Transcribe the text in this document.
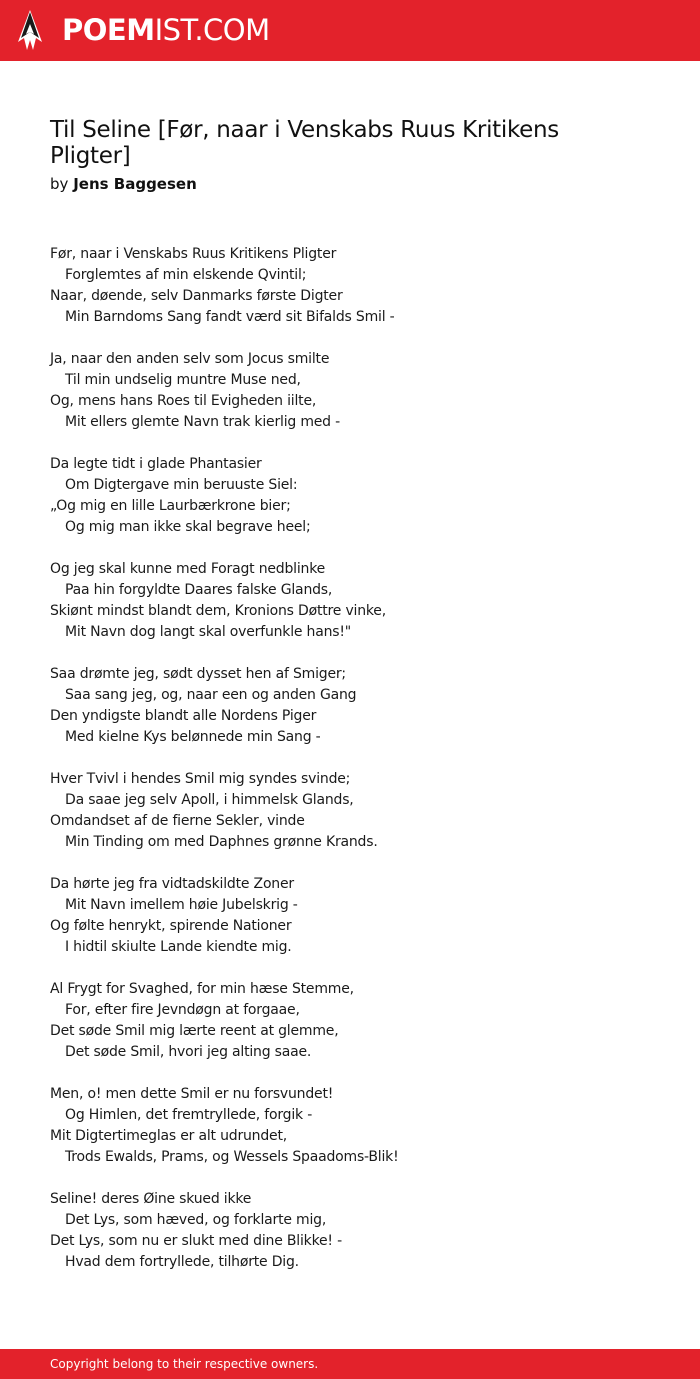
POEMIST.COM
Til Seline [Før, naar i Venskabs Ruus Kritikens Pligter]
by Jens Baggesen
Før, naar i Venskabs Ruus Kritikens Pligter
Forglemtes af min elskende Qvintil;
Naar, døende, selv Danmarks første Digter
Min Barndoms Sang fandt værd sit Bifalds Smil -
Ja, naar den anden selv som Jocus smilte
Til min undselig muntre Muse ned,
Og, mens hans Roes til Evigheden iilte,
Mit ellers glemte Navn trak kierlig med -
Da legte tidt i glade Phantasier
Om Digtergave min beruuste Siel:
„Og mig en lille Laurbærkrone bier;
Og mig man ikke skal begrave heel;
Og jeg skal kunne med Foragt nedblinke
Paa hin forgyldte Daares falske Glands,
Skiønt mindst blandt dem, Kronions Døttre vinke,
Mit Navn dog langt skal overfunkle hans!"
Saa drømte jeg, sødt dysset hen af Smiger;
Saa sang jeg, og, naar een og anden Gang
Den yndigste blandt alle Nordens Piger
Med kielne Kys belønnede min Sang -
Hver Tvivl i hendes Smil mig syndes svinde;
Da saae jeg selv Apoll, i himmelsk Glands,
Omdandset af de fierne Sekler, vinde
Min Tinding om med Daphnes grønne Krands.
Da hørte jeg fra vidtadskildte Zoner
Mit Navn imellem høie Jubelskrig -
Og følte henrykt, spirende Nationer
I hidtil skiulte Lande kiendte mig.
Al Frygt for Svaghed, for min hæse Stemme,
For, efter fire Jevndøgn at forgaae,
Det søde Smil mig lærte reent at glemme,
Det søde Smil, hvori jeg alting saae.
Men, o! men dette Smil er nu forsvundet!
Og Himlen, det fremtryllede, forgik -
Mit Digtertimeglas er alt udrundet,
Trods Ewalds, Prams, og Wessels Spaadoms-Blik!
Seline! deres Øine skued ikke
Det Lys, som hæved, og forklarte mig,
Det Lys, som nu er slukt med dine Blikke! -
Hvad dem fortryllede, tilhørte Dig.
Copyright belong to their respective owners.
